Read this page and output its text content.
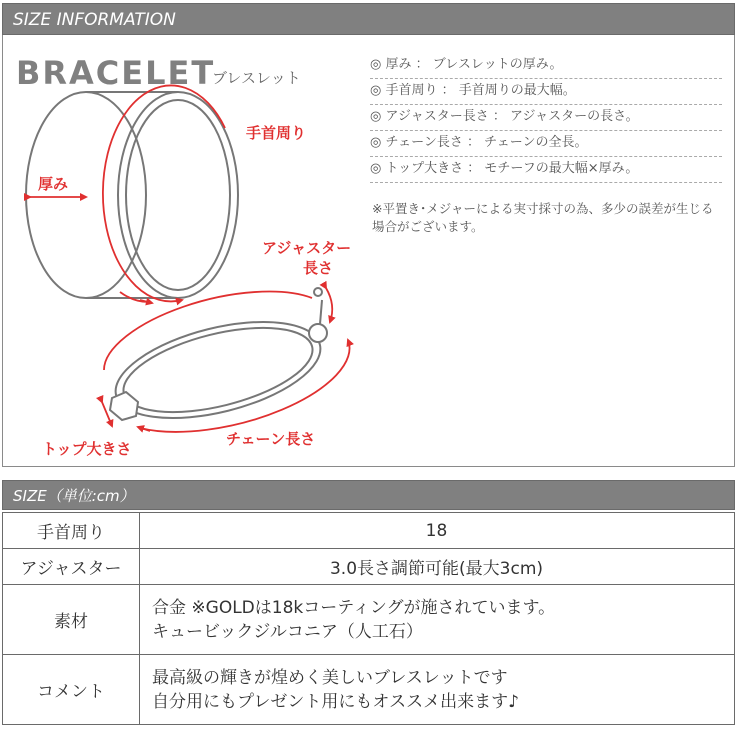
SIZE INFORMATION
BRACELET
ブレスレット
手首周り
厚み
アジャスター
長さ
チェーン長さ
トップ大きさ
◎ 厚み ： ブレスレットの厚み。
◎ 手首周り ： 手首周りの最大幅。
◎ アジャスター長さ ： アジャスターの長さ。
◎ チェーン長さ ： チェーンの全長。
◎ トップ大きさ ： モチーフの最大幅×厚み。
※平置き･メジャーによる実寸採寸の為、多少の誤差が生じる場合がございます。
SIZE（単位:cm）
手首周り	18
アジャスター	3.0長さ調節可能(最大3cm)
素材	合金 ※GOLDは18kコーティングが施されています。
キュービックジルコニア（人工石）

コメント	最高級の輝きが煌めく美しいブレスレットです
自分用にもプレゼント用にもオススメ出来ます♪
